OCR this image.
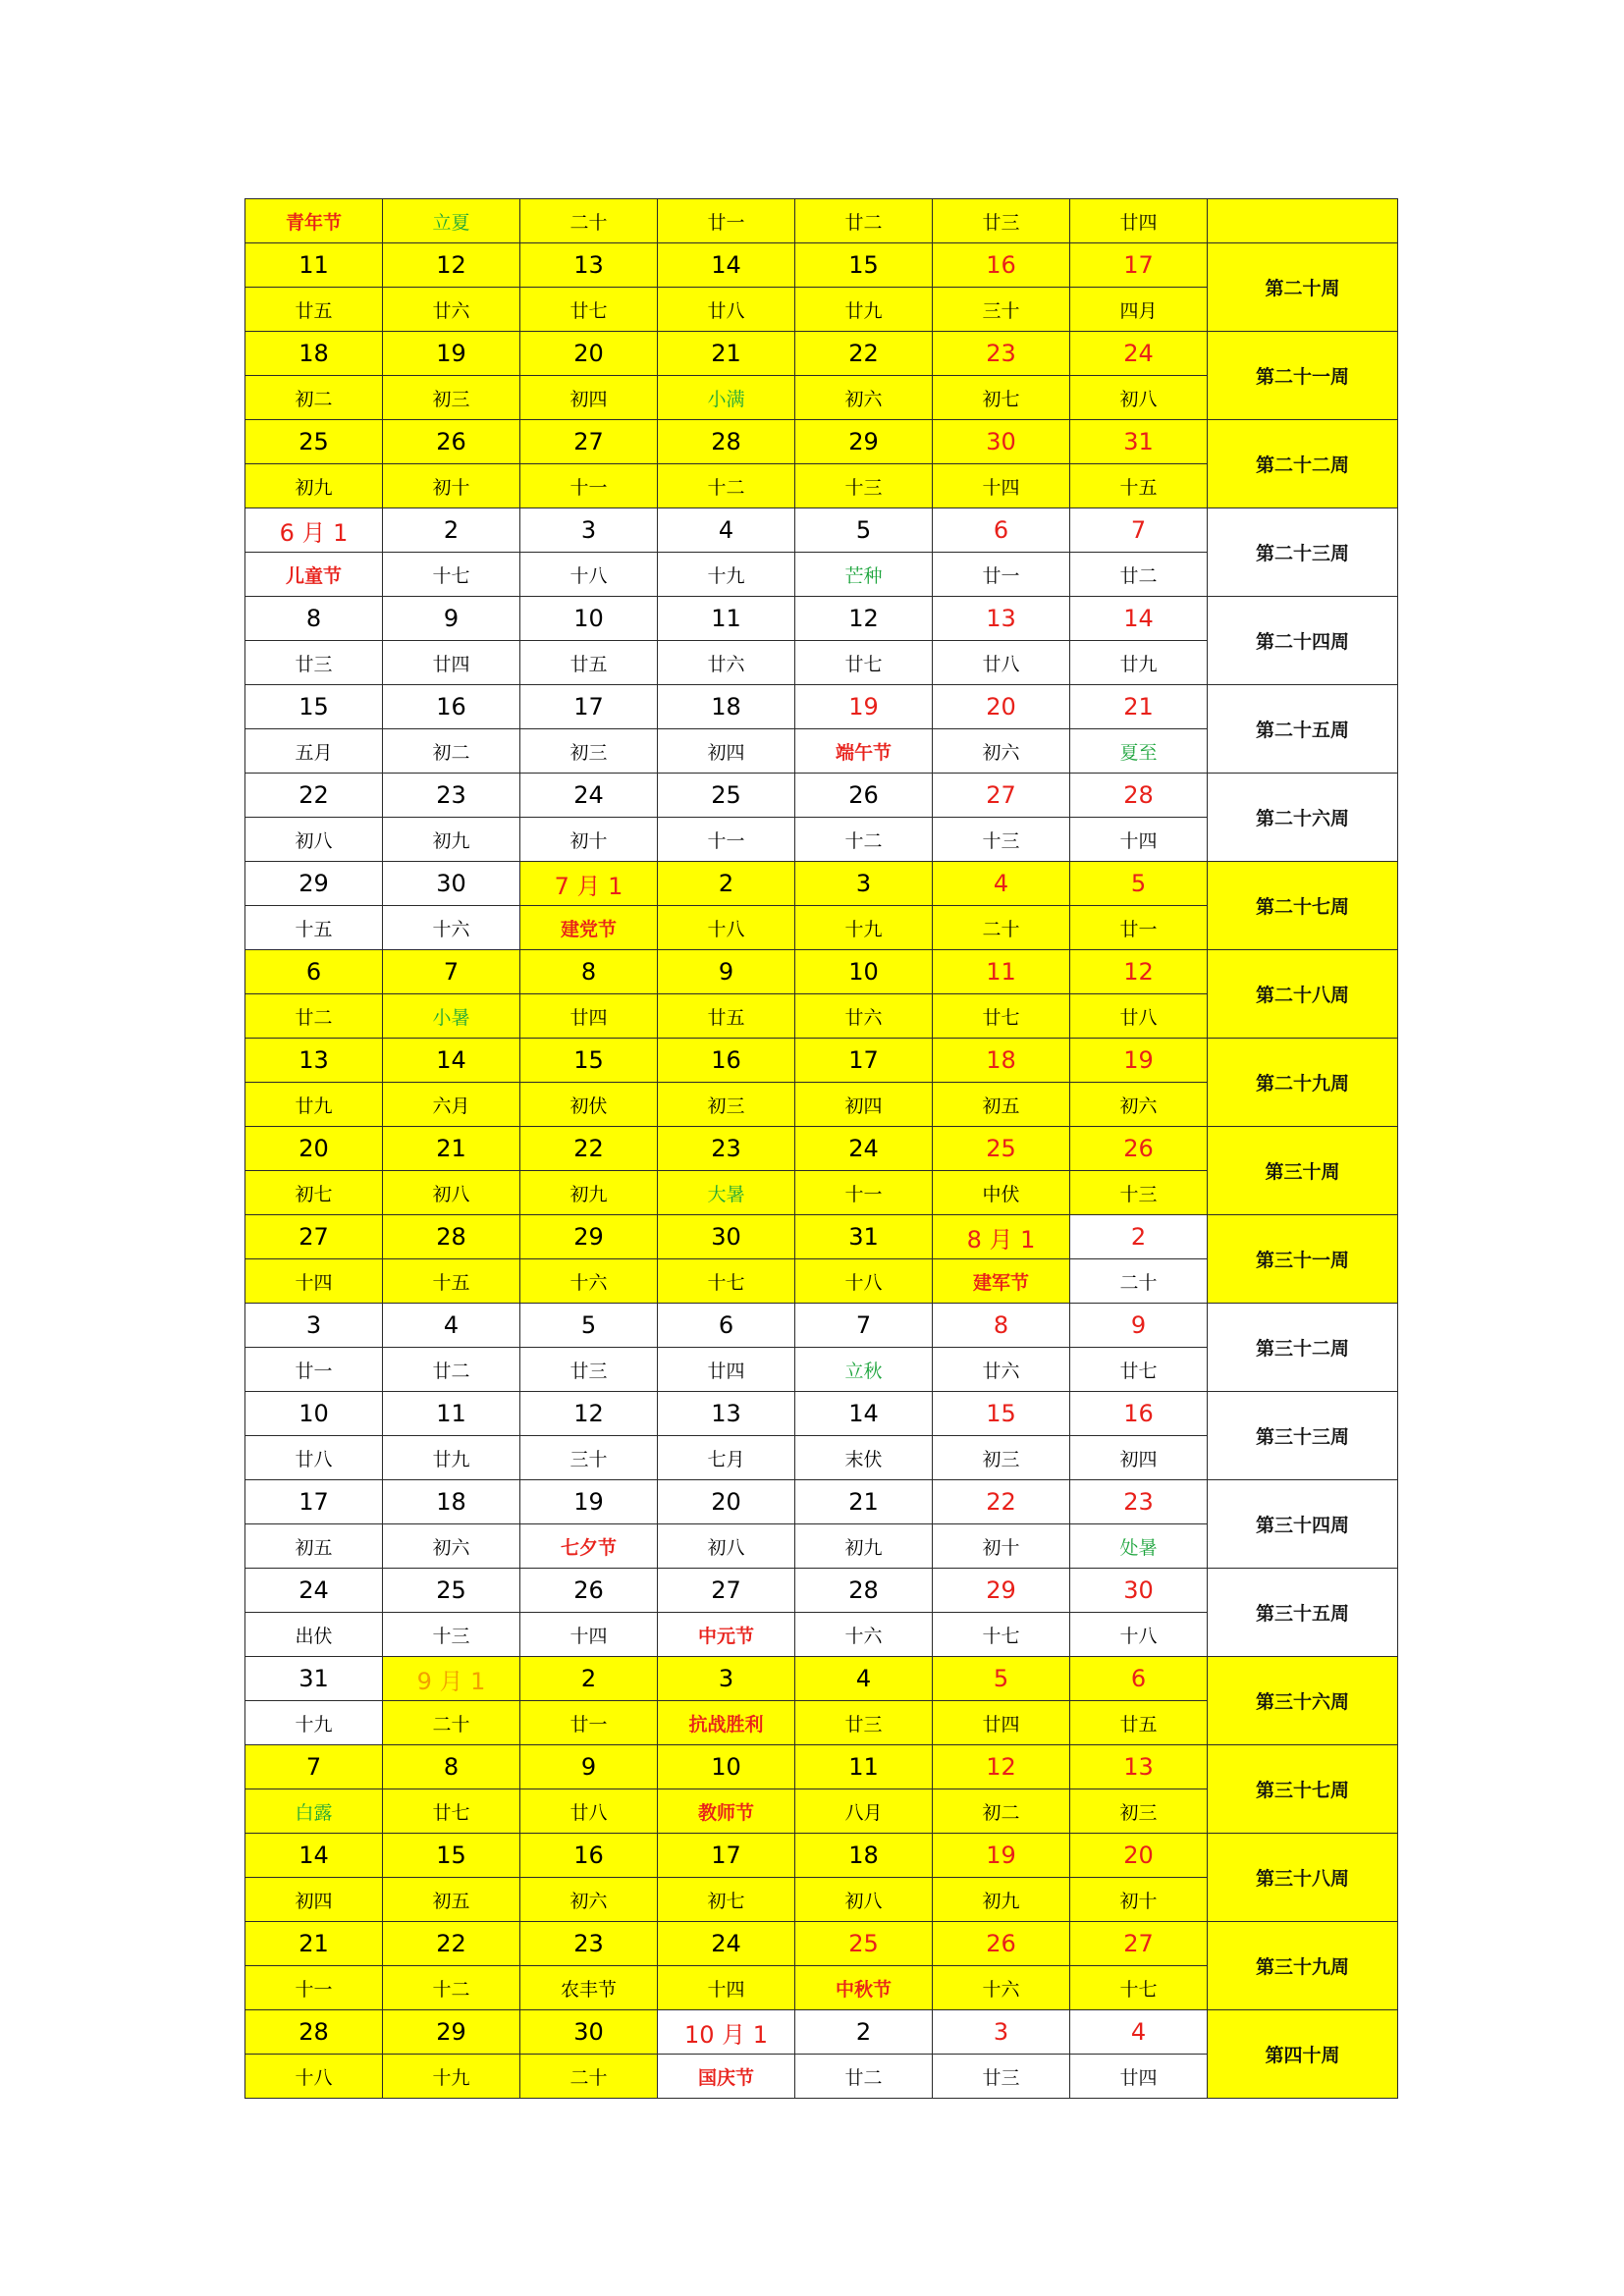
青年节	立夏	二十	廿一	廿二	廿三	廿四	
11	12	13	14	15	16	17	第二十周
廿五	廿六	廿七	廿八	廿九	三十	四月	
18	19	20	21	22	23	24	第二十一周
初二	初三	初四	小满	初六	初七	初八	
25	26	27	28	29	30	31	第二十二周
初九	初十	十一	十二	十三	十四	十五	
6 月 1	2	3	4	5	6	7	第二十三周
儿童节	十七	十八	十九	芒种	廿一	廿二	
8	9	10	11	12	13	14	第二十四周
廿三	廿四	廿五	廿六	廿七	廿八	廿九	
15	16	17	18	19	20	21	第二十五周
五月	初二	初三	初四	端午节	初六	夏至	
22	23	24	25	26	27	28	第二十六周
初八	初九	初十	十一	十二	十三	十四	
29	30	7 月 1	2	3	4	5	第二十七周
十五	十六	建党节	十八	十九	二十	廿一	
6	7	8	9	10	11	12	第二十八周
廿二	小暑	廿四	廿五	廿六	廿七	廿八	
13	14	15	16	17	18	19	第二十九周
廿九	六月	初伏	初三	初四	初五	初六	
20	21	22	23	24	25	26	第三十周
初七	初八	初九	大暑	十一	中伏	十三	
27	28	29	30	31	8 月 1	2	第三十一周
十四	十五	十六	十七	十八	建军节	二十	
3	4	5	6	7	8	9	第三十二周
廿一	廿二	廿三	廿四	立秋	廿六	廿七	
10	11	12	13	14	15	16	第三十三周
廿八	廿九	三十	七月	末伏	初三	初四	
17	18	19	20	21	22	23	第三十四周
初五	初六	七夕节	初八	初九	初十	处暑	
24	25	26	27	28	29	30	第三十五周
出伏	十三	十四	中元节	十六	十七	十八	
31	9 月 1	2	3	4	5	6	第三十六周
十九	二十	廿一	抗战胜利	廿三	廿四	廿五	
7	8	9	10	11	12	13	第三十七周
白露	廿七	廿八	教师节	八月	初二	初三	
14	15	16	17	18	19	20	第三十八周
初四	初五	初六	初七	初八	初九	初十	
21	22	23	24	25	26	27	第三十九周
十一	十二	农丰节	十四	中秋节	十六	十七	
28	29	30	10 月 1	2	3	4	第四十周
十八	十九	二十	国庆节	廿二	廿三	廿四	
